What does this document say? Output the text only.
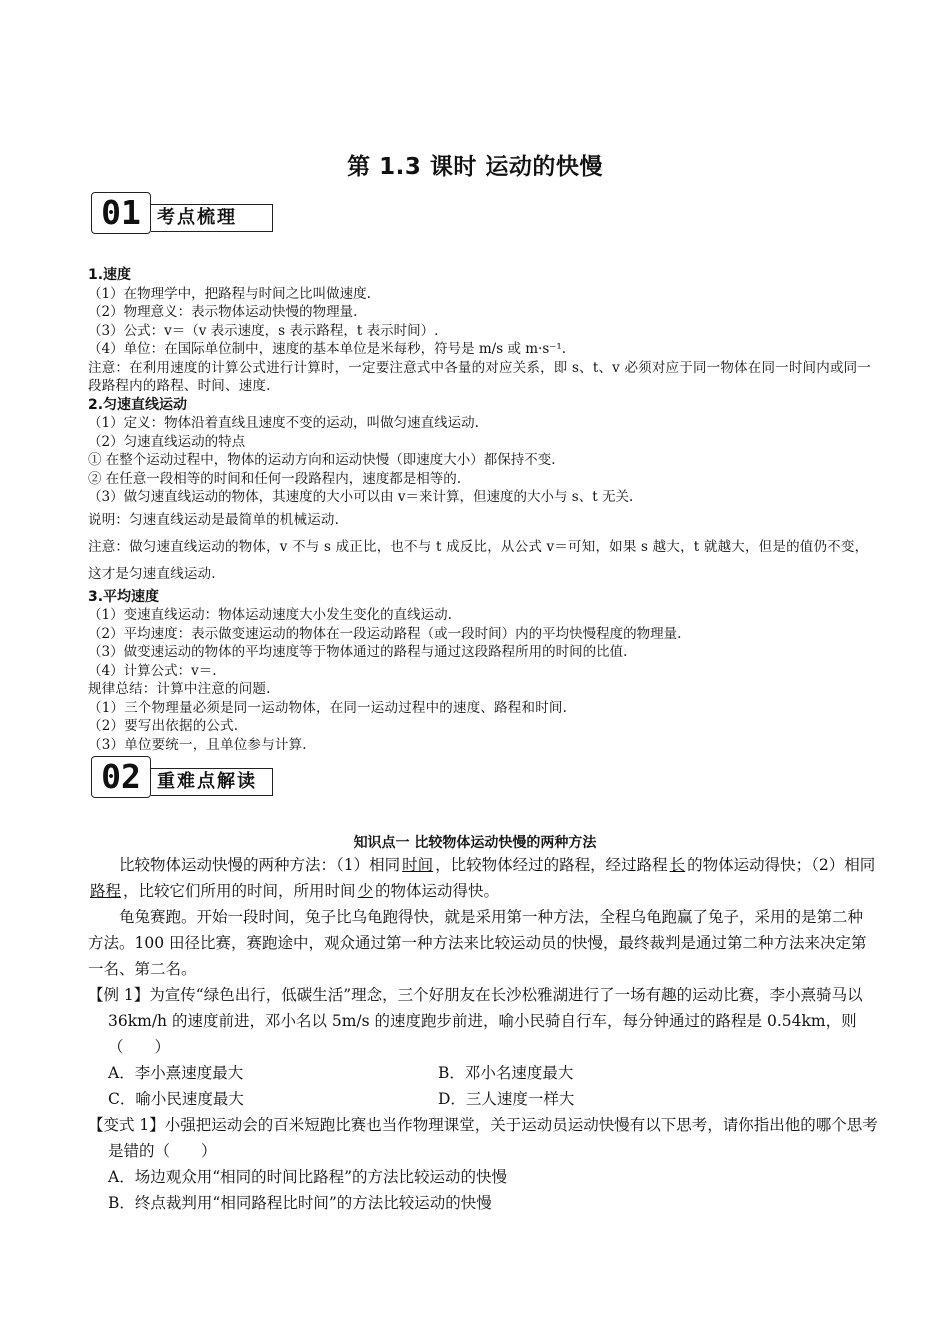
第 1.3 课时 运动的快慢
01 考点梳理
1.速度
（1）在物理学中，把路程与时间之比叫做速度.
（2）物理意义：表示物体运动快慢的物理量.
（3）公式：v＝（v 表示速度，s 表示路程，t 表示时间）.
（4）单位：在国际单位制中，速度的基本单位是米每秒，符号是 m/s 或 m·s⁻¹.
注意：在利用速度的计算公式进行计算时，一定要注意式中各量的对应关系，即 s、t、v 必须对应于同一物体在同一时间内或同一段路程内的路程、时间、速度.
2.匀速直线运动
（1）定义：物体沿着直线且速度不变的运动，叫做匀速直线运动.
（2）匀速直线运动的特点
① 在整个运动过程中，物体的运动方向和运动快慢（即速度大小）都保持不变.
② 在任意一段相等的时间和任何一段路程内，速度都是相等的.
（3）做匀速直线运动的物体，其速度的大小可以由 v＝来计算，但速度的大小与 s、t 无关.
说明：匀速直线运动是最简单的机械运动.
注意：做匀速直线运动的物体，v 不与 s 成正比，也不与 t 成反比，从公式 v＝可知，如果 s 越大，t 就越大，但是的值仍不变，这才是匀速直线运动.
3.平均速度
（1）变速直线运动：物体运动速度大小发生变化的直线运动.
（2）平均速度：表示做变速运动的物体在一段运动路程（或一段时间）内的平均快慢程度的物理量.
（3）做变速运动的物体的平均速度等于物体通过的路程与通过这段路程所用的时间的比值.
（4）计算公式：v＝.
规律总结：计算中注意的问题.
（1）三个物理量必须是同一运动物体，在同一运动过程中的速度、路程和时间.
（2）要写出依据的公式.
（3）单位要统一，且单位参与计算.
02 重难点解读
知识点一 比较物体运动快慢的两种方法
比较物体运动快慢的两种方法：（1）相同 时间 ，比较物体经过的路程，经过路程 长 的物体运动得快；（2）相同路程 ，比较它们所用的时间，所用时间 少 的物体运动得快。
龟兔赛跑。开始一段时间，兔子比乌龟跑得快，就是采用第一种方法，全程乌龟跑赢了兔子，采用的是第二种方法。100 田径比赛，赛跑途中，观众通过第一种方法来比较运动员的快慢，最终裁判是通过第二种方法来决定第一名、第二名。
【例 1】为宣传“绿色出行，低碳生活”理念，三个好朋友在长沙松雅湖进行了一场有趣的运动比赛，李小熹骑马以 36km/h 的速度前进，邓小名以 5m/s 的速度跑步前进，喻小民骑自行车，每分钟通过的路程是 0.54km，则（　　）
A．李小熹速度最大	B．邓小名速度最大
C．喻小民速度最大	D．三人速度一样大
【变式 1】小强把运动会的百米短跑比赛也当作物理课堂，关于运动员运动快慢有以下思考，请你指出他的哪个思考是错的（　　）
A．场边观众用“相同的时间比路程”的方法比较运动的快慢
B．终点裁判用“相同路程比时间”的方法比较运动的快慢
